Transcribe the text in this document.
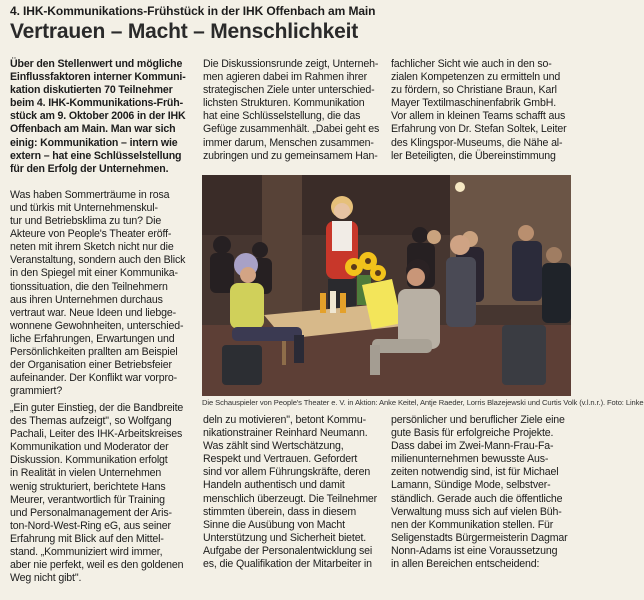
4. IHK-Kommunikations-Frühstück in der IHK Offenbach am Main
Vertrauen – Macht – Menschlichkeit
Über den Stellenwert und mögliche
Einflussfaktoren interner Kommuni-
kation diskutierten 70 Teilnehmer
beim 4. IHK-Kommunikations-Früh-
stück am 9. Oktober 2006 in der IHK
Offenbach am Main. Man war sich
einig: Kommunikation – intern wie
extern – hat eine Schlüsselstellung
für den Erfolg der Unternehmen.
Was haben Sommerträume in rosa
und türkis mit Unternehmenskul-
tur und Betriebsklima zu tun? Die
Akteure von People's Theater eröff-
neten mit ihrem Sketch nicht nur die
Veranstaltung, sondern auch den Blick
in den Spiegel mit einer Kommunika-
tionssituation, die den Teilnehmern
aus ihren Unternehmen durchaus
vertraut war. Neue Ideen und liebge-
wonnene Gewohnheiten, unterschied-
liche Erfahrungen, Erwartungen und
Persönlichkeiten prallten am Beispiel
der Organisation einer Betriebsfeier
aufeinander. Der Konflikt war vorpro-
grammiert?
„Ein guter Einstieg, der die Bandbreite
des Themas aufzeigt", so Wolfgang
Pachali, Leiter des IHK-Arbeitskreises
Kommunikation und Moderator der
Diskussion. Kommunikation erfolgt
in Realität in vielen Unternehmen
wenig strukturiert, berichtete Hans
Meurer, verantwortlich für Training
und Personalmanagement der Aris-
ton-Nord-West-Ring eG, aus seiner
Erfahrung mit Blick auf den Mittel-
stand. „Kommuniziert wird immer,
aber nie perfekt, weil es den goldenen
Weg nicht gibt".
Die Diskussionsrunde zeigt, Unterneh-
men agieren dabei im Rahmen ihrer
strategischen Ziele unter unterschied-
lichsten Strukturen. Kommunikation
hat eine Schlüsselstellung, die das
Gefüge zusammenhält. „Dabei geht es
immer darum, Menschen zusammen-
zubringen und zu gemeinsamem Han-
fachlicher Sicht wie auch in den so-
zialen Kompetenzen zu ermitteln und
zu fördern, so Christiane Braun, Karl
Mayer Textilmaschinenfabrik GmbH.
Vor allem in kleinen Teams schafft aus
Erfahrung von Dr. Stefan Soltek, Leiter
des Klingspor-Museums, die Nähe al-
ler Beteiligten, die Übereinstimmung
Die Schauspieler von People's Theater e. V. in Aktion: Anke Keitel, Antje Raeder, Lorris Blazejewski und Curtis Volk (v.l.n.r.). Foto: Linke
deln zu motivieren", betont Kommu-
nikationstrainer Reinhard Neumann.
Was zählt sind Wertschätzung,
Respekt und Vertrauen. Gefordert
sind vor allem Führungskräfte, deren
Handeln authentisch und damit
menschlich überzeugt. Die Teilnehmer
stimmten überein, dass in diesem
Sinne die Ausübung von Macht
Unterstützung und Sicherheit bietet.
Aufgabe der Personalentwicklung sei
es, die Qualifikation der Mitarbeiter in
persönlicher und beruflicher Ziele eine
gute Basis für erfolgreiche Projekte.
Dass dabei im Zwei-Mann-Frau-Fa-
milienunternehmen bewusste Aus-
zeiten notwendig sind, ist für Michael
Lamann, Sündige Mode, selbstver-
ständlich. Gerade auch die öffentliche
Verwaltung muss sich auf vielen Büh-
nen der Kommunikation stellen. Für
Seligenstadts Bürgermeisterin Dagmar
Nonn-Adams ist eine Voraussetzung
in allen Bereichen entscheidend:
